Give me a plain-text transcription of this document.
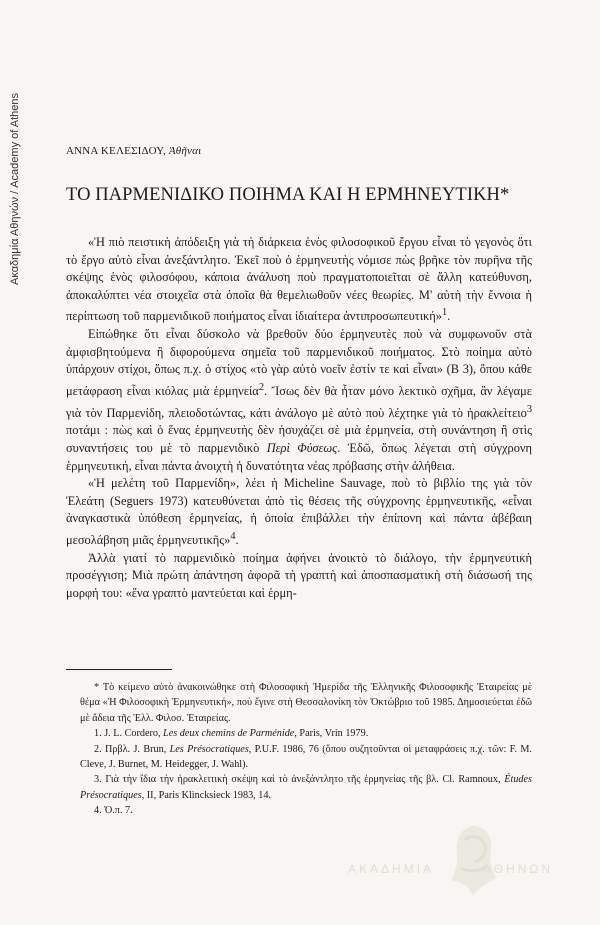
Ακαδημία Αθηνών / Academy of Athens	ΑΝΝΑ ΚΕΛΕΣΙΔΟΥ, Ἀθῆναι
ΤΟ ΠΑΡΜΕΝΙΔΙΚΟ ΠΟΙΗΜΑ ΚΑΙ Η ΕΡΜΗΝΕΥΤΙΚΗ*

«Ἡ πιὸ πειστικὴ ἀπόδειξη γιὰ τὴ διάρκεια ἑνὸς φιλοσοφικοῦ ἔργου εἶναι τὸ γεγονὸς ὅτι τὸ ἔργο αὐτὸ εἶναι ἀνεξάντλητο. Ἐκεῖ ποὺ ὁ ἑρμηνευτὴς νόμισε πὼς βρῆκε τὸν πυρῆνα τῆς σκέψης ἑνὸς φιλοσόφου, κάποια ἀνάλυση ποὺ πραγματοποιεῖται σὲ ἄλλη κατεύθυνση, ἀποκαλύπτει νέα στοιχεῖα στὰ ὁποῖα θὰ θεμελιωθοῦν νέες θεωρίες. Μ' αὐτὴ τὴν ἔννοια ἡ περίπτωση τοῦ παρμενιδικοῦ ποιήματος εἶναι ἰδιαίτερα ἀντιπροσωπευτική»$^1$.

Εἰπώθηκε ὅτι εἶναι δύσκολο νὰ βρεθοῦν δύο ἑρμηνευτὲς ποὺ νὰ συμφωνοῦν στὰ ἀμφισβητούμενα ἢ διφορούμενα σημεῖα τοῦ παρμενιδικοῦ ποιήματος. Στὸ ποίημα αὐτὸ ὑπάρχουν στίχοι, ὅπως π.χ. ὁ στίχος «τὸ γὰρ αὐτὸ νοεῖν ἐστίν τε καὶ εἶναι» (Β 3), ὅπου κάθε μετάφραση εἶναι κιόλας μιὰ ἑρμηνεία$^2$. Ἴσως δὲν θὰ ἦταν μόνο λεκτικὸ σχῆμα, ἂν λέγαμε γιὰ τὸν Παρμενίδη, πλειοδοτώντας, κάτι ἀνάλογο μὲ αὐτὸ ποὺ λέχτηκε γιὰ τὸ ἡρακλείτειο$^3$ ποτάμι : πὼς καὶ ὁ ἕνας ἑρμηνευτὴς δὲν ἡσυχάζει σὲ μιὰ ἑρμηνεία, στὴ συνάντηση ἢ στὶς συναντήσεις του μὲ τὸ παρμενιδικὸ Περὶ Φύσεως. Ἐδῶ, ὅπως λέγεται στὴ σύγχρονη ἑρμηνευτική, εἶναι πάντα ἀνοιχτὴ ἡ δυνατότητα νέας πρόβασης στὴν ἀλήθεια.

«Ἡ μελέτη τοῦ Παρμενίδη», λέει ἡ Micheline Sauvage, ποὺ τὸ βιβλίο της γιὰ τὸν Ἐλεάτη (Seguers 1973) κατευθύνεται ἀπὸ τὶς θέσεις τῆς σύγχρονης ἑρμηνευτικῆς, «εἶναι ἀναγκαστικὰ ὑπόθεση ἑρμηνείας, ἡ ὁποία ἐπιβάλλει τὴν ἐπίπονη καὶ πάντα ἀβέβαιη μεσολάβηση μιᾶς ἑρμηνευτικῆς»$^4$.

Ἀλλὰ γιατί τὸ παρμενιδικὸ ποίημα ἀφήνει ἀνοικτὸ τὸ διάλογο, τὴν ἑρμηνευτικὴ προσέγγιση; Μιὰ πρώτη ἀπάντηση ἀφορᾶ τὴ γραπτὴ καὶ ἀποσπασματικὴ στὴ διάσωσή της μορφή του: «ἕνα γραπτὸ μαντεύεται καὶ ἑρμη-

* Τὸ κείμενο αὐτὸ ἀνακοινώθηκε στὴ Φιλοσοφικὴ Ἡμερίδα τῆς Ἑλληνικῆς Φιλοσοφικῆς Ἑταιρείας μὲ θέμα «Ἡ Φιλοσοφικὴ Ἑρμηνευτική», ποὺ ἔγινε στὴ Θεσσαλονίκη τὸν Ὀκτώβριο τοῦ 1985. Δημοσιεύεται ἐδῶ μὲ ἄδεια τῆς Ἑλλ. Φιλοσ. Ἑταιρείας.

1. J. L. Cordero, Les deux chemins de Parménide, Paris, Vrin 1979.

2. Πρβλ. J. Brun, Les Présocratiques, P.U.F. 1986, 76 (ὅπου συζητοῦνται οἱ μεταφράσεις π.χ. τῶν: F. M. Cleve, J. Burnet, M. Heidegger, J. Wahl).

3. Γιὰ τὴν ἴδια τὴν ἡρακλειτικὴ σκέψη καὶ τὸ ἀνεξάντλητο τῆς ἑρμηνείας τῆς βλ. Cl. Ramnoux, Études Présocratiques, II, Paris Klincksieck 1983, 14.

4. Ὁ.π. 7.

ΑΚΑΔΗΜΙΑ	ΑΘΗΝΩΝ
